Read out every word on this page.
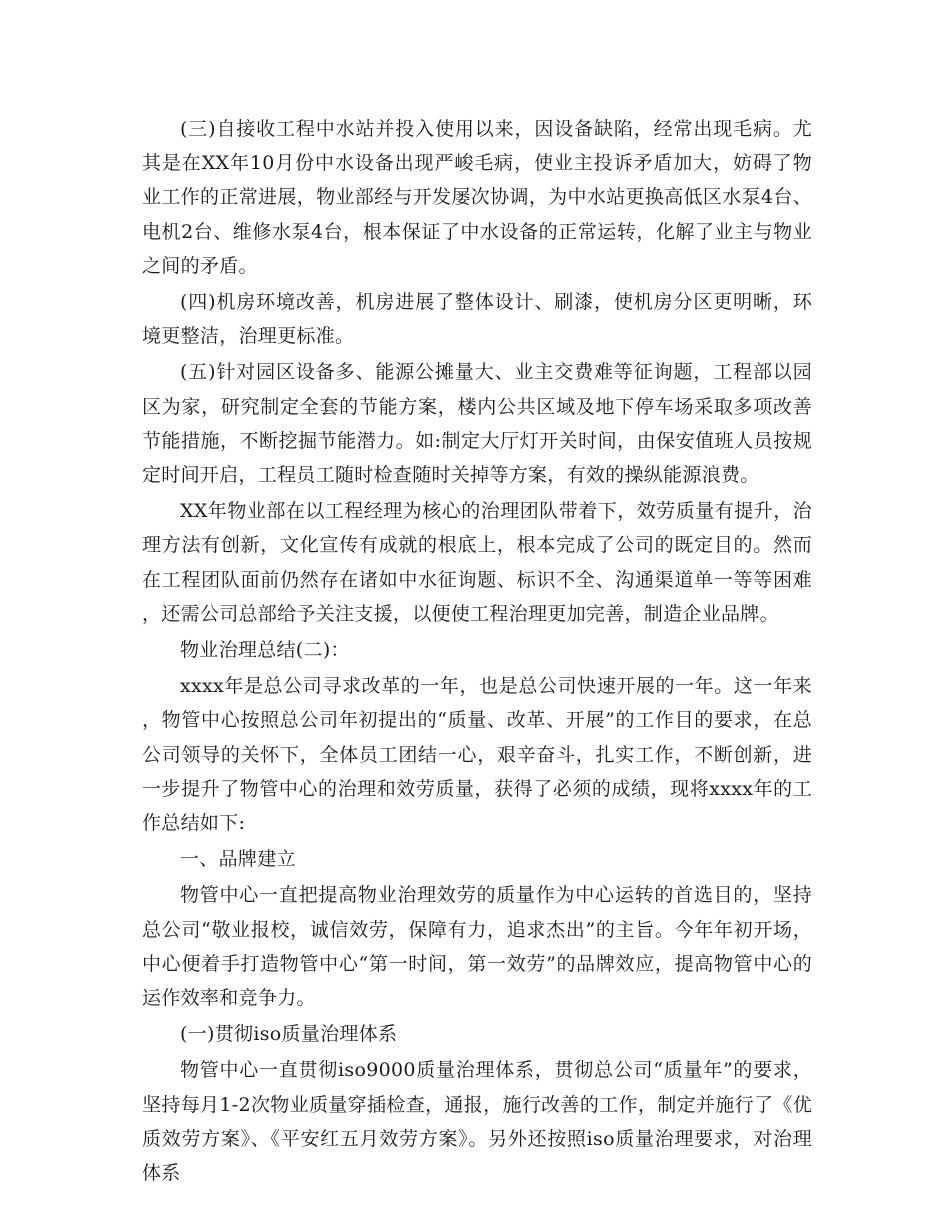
(三)自接收工程中水站并投入使用以来，因设备缺陷，经常出现毛病。尤其是在XX年10月份中水设备出现严峻毛病，使业主投诉矛盾加大，妨碍了物业工作的正常进展，物业部经与开发屡次协调，为中水站更换高低区水泵4台、电机2台、维修水泵4台，根本保证了中水设备的正常运转，化解了业主与物业之间的矛盾。

(四)机房环境改善，机房进展了整体设计、刷漆，使机房分区更明晰，环境更整洁，治理更标准。

(五)针对园区设备多、能源公摊量大、业主交费难等征询题，工程部以园区为家，研究制定全套的节能方案，楼内公共区域及地下停车场采取多项改善节能措施，不断挖掘节能潜力。如:制定大厅灯开关时间，由保安值班人员按规定时间开启，工程员工随时检查随时关掉等方案，有效的操纵能源浪费。

XX年物业部在以工程经理为核心的治理团队带着下，效劳质量有提升，治理方法有创新，文化宣传有成就的根底上，根本完成了公司的既定目的。然而在工程团队面前仍然存在诸如中水征询题、标识不全、沟通渠道单一等等困难，还需公司总部给予关注支援，以便使工程治理更加完善，制造企业品牌。

物业治理总结(二)：

xxxx年是总公司寻求改革的一年，也是总公司快速开展的一年。这一年来，物管中心按照总公司年初提出的“质量、改革、开展”的工作目的要求，在总公司领导的关怀下，全体员工团结一心，艰辛奋斗，扎实工作，不断创新，进一步提升了物管中心的治理和效劳质量，获得了必须的成绩，现将xxxx年的工作总结如下:

一、品牌建立

物管中心一直把提高物业治理效劳的质量作为中心运转的首选目的，坚持总公司“敬业报校，诚信效劳，保障有力，追求杰出”的主旨。今年年初开场，中心便着手打造物管中心“第一时间，第一效劳”的品牌效应，提高物管中心的运作效率和竞争力。

(一)贯彻iso质量治理体系

物管中心一直贯彻iso9000质量治理体系，贯彻总公司“质量年”的要求，坚持每月1-2次物业质量穿插检查，通报，施行改善的工作，制定并施行了《优质效劳方案》、《平安红五月效劳方案》。另外还按照iso质量治理要求，对治理体系
